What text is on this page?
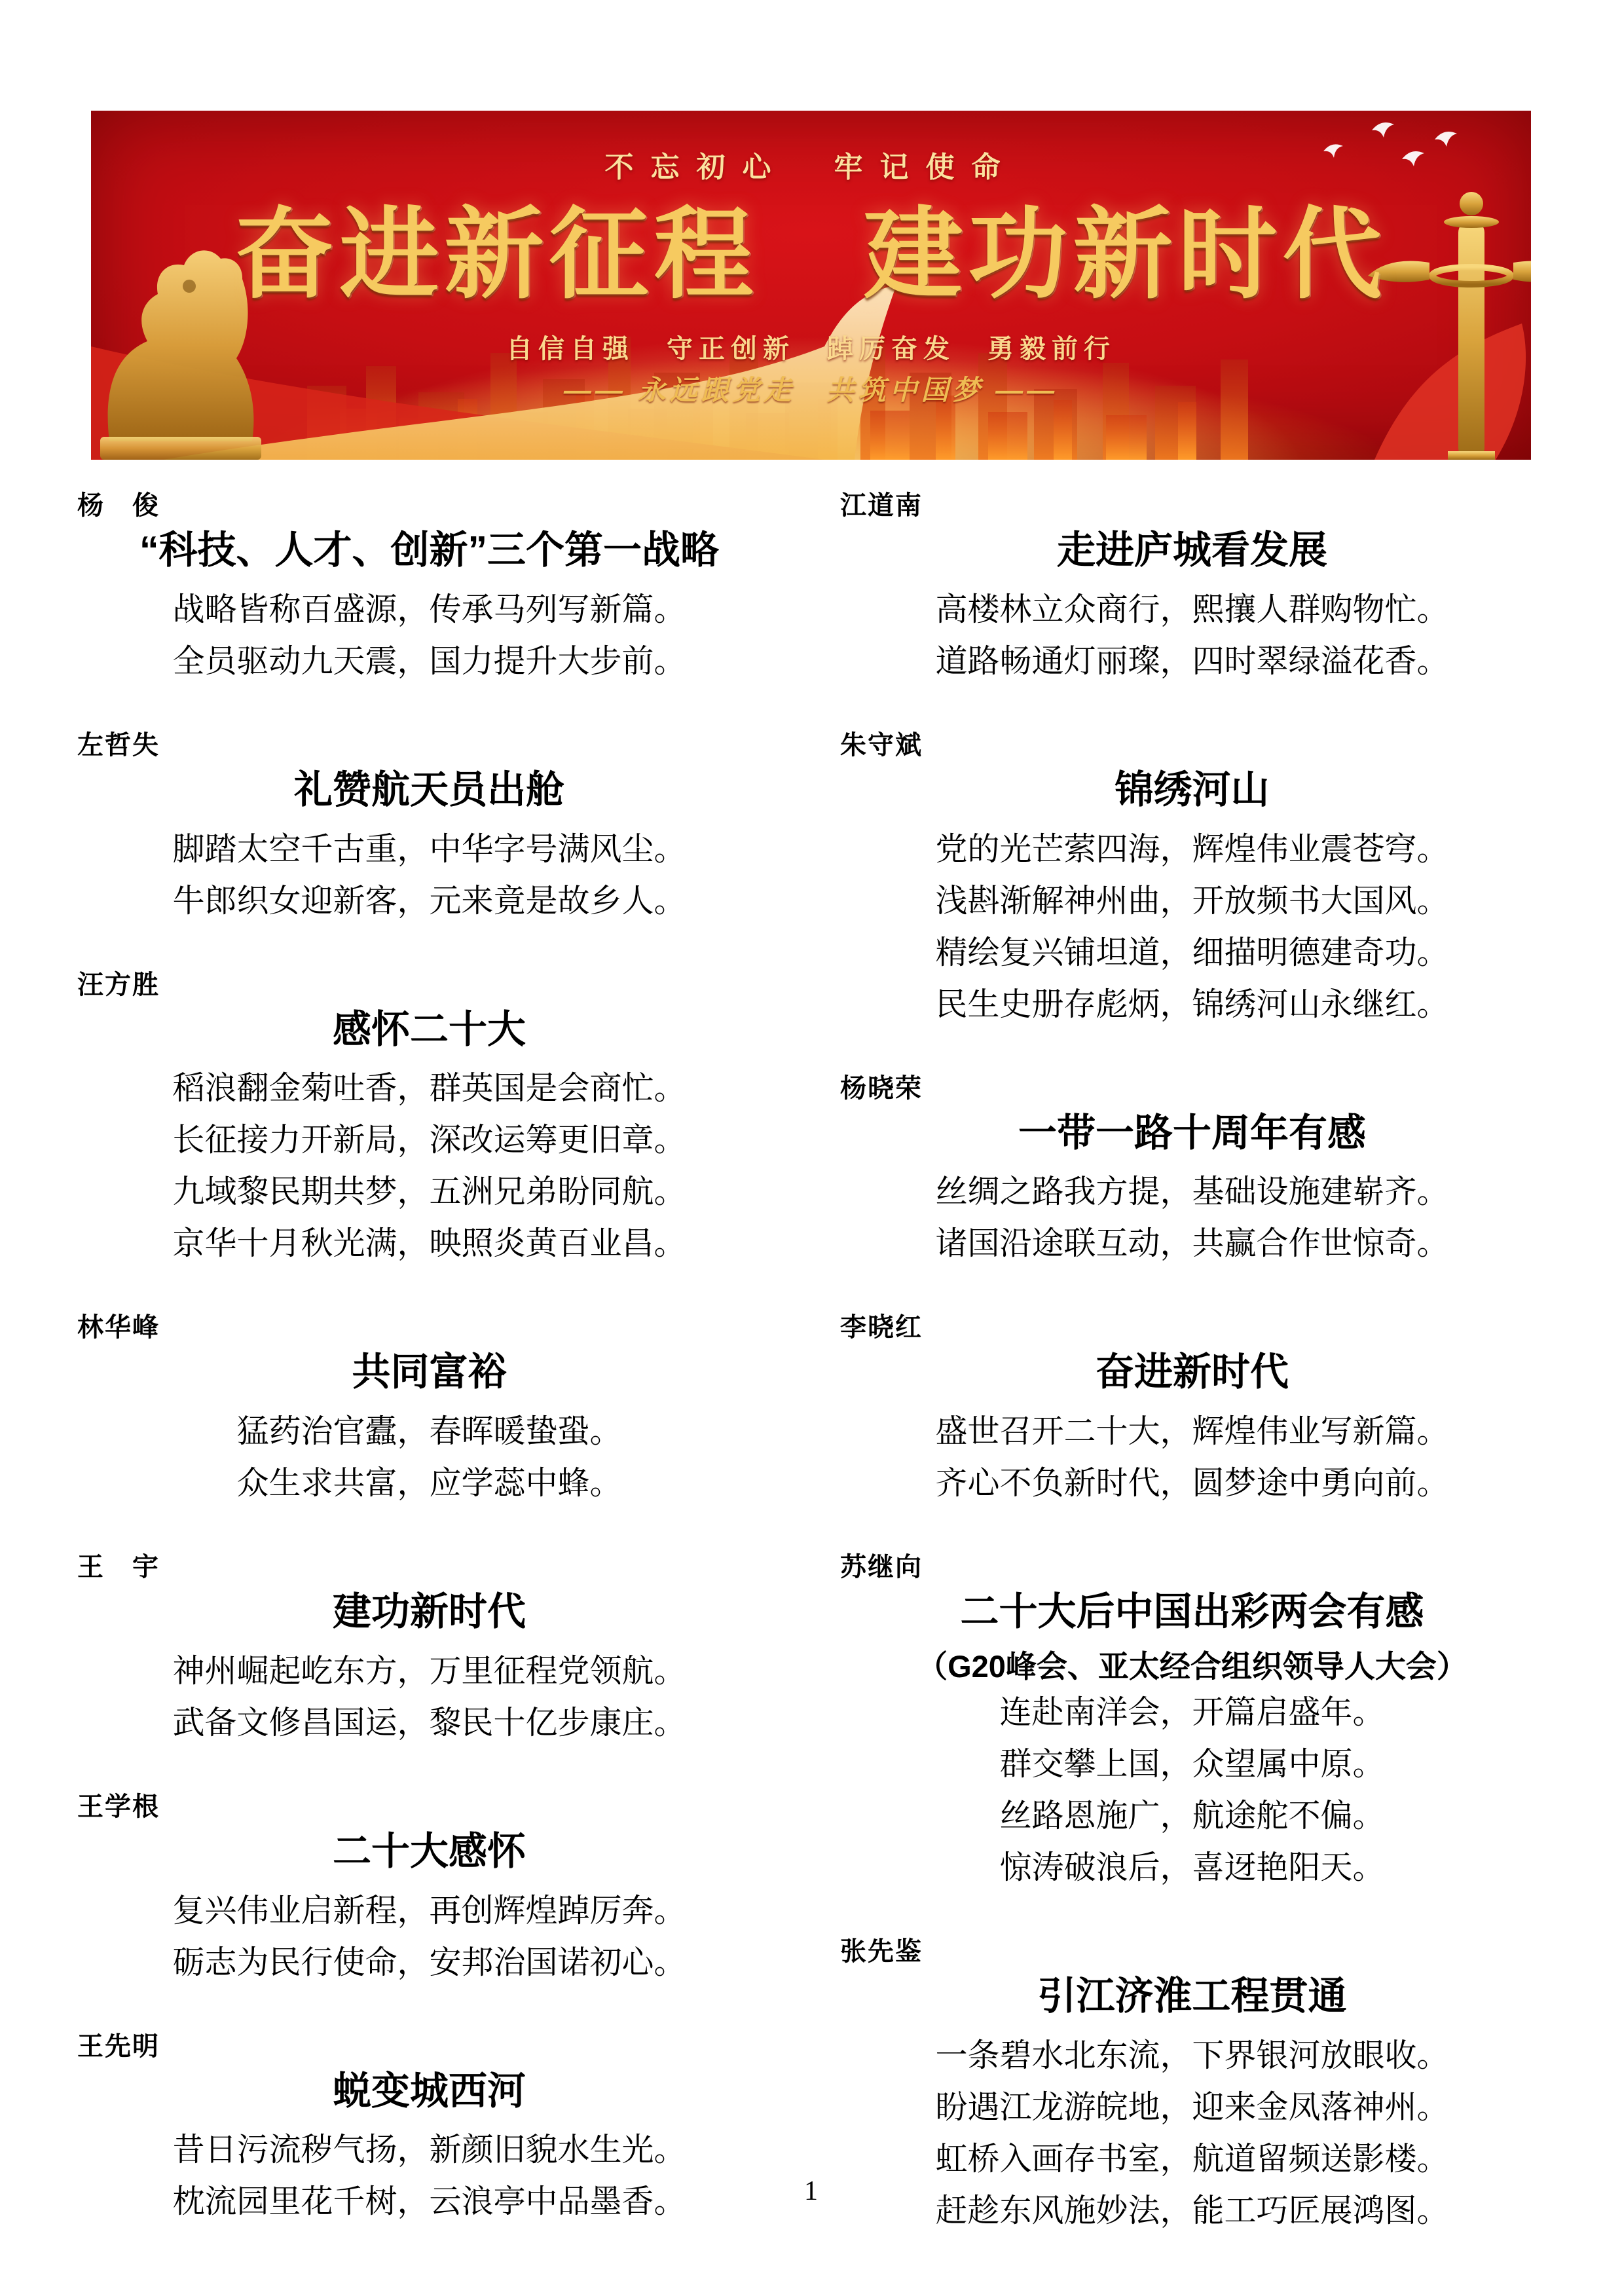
不忘初心　牢记使命
奋进新征程　建功新时代
自信自强　守正创新　踔厉奋发　勇毅前行
—— 永远跟党走　共筑中国梦 ——
杨　俊
“科技、人才、创新”三个第一战略
战略皆称百盛源，传承马列写新篇。
全员驱动九天震，国力提升大步前。
左哲失
礼赞航天员出舱
脚踏太空千古重，中华字号满风尘。
牛郎织女迎新客，元来竟是故乡人。
汪方胜
感怀二十大
稻浪翻金菊吐香，群英国是会商忙。
长征接力开新局，深改运筹更旧章。
九域黎民期共梦，五洲兄弟盼同航。
京华十月秋光满，映照炎黄百业昌。
林华峰
共同富裕
猛药治官蠹，春晖暖蛰蛩。
众生求共富，应学蕊中蜂。
王　宇
建功新时代
神州崛起屹东方，万里征程党领航。
武备文修昌国运，黎民十亿步康庄。
王学根
二十大感怀
复兴伟业启新程，再创辉煌踔厉奔。
砺志为民行使命，安邦治国诺初心。
王先明
蜕变城西河
昔日污流秽气扬，新颜旧貌水生光。
枕流园里花千树，云浪亭中品墨香。
江道南
走进庐城看发展
高楼林立众商行，熙攘人群购物忙。
道路畅通灯丽璨，四时翠绿溢花香。
朱守斌
锦绣河山
党的光芒萦四海，辉煌伟业震苍穹。
浅斟渐解神州曲，开放频书大国风。
精绘复兴铺坦道，细描明德建奇功。
民生史册存彪炳，锦绣河山永继红。
杨晓荣
一带一路十周年有感
丝绸之路我方提，基础设施建崭齐。
诸国沿途联互动，共赢合作世惊奇。
李晓红
奋进新时代
盛世召开二十大，辉煌伟业写新篇。
齐心不负新时代，圆梦途中勇向前。
苏继向
二十大后中国出彩两会有感
（G20峰会、亚太经合组织领导人大会）
连赴南洋会，开篇启盛年。
群交攀上国，众望属中原。
丝路恩施广，航途舵不偏。
惊涛破浪后，喜迓艳阳天。
张先鉴
引江济淮工程贯通
一条碧水北东流，下界银河放眼收。
盼遇江龙游皖地，迎来金凤落神州。
虹桥入画存书室，航道留频送影楼。
赶趁东风施妙法，能工巧匠展鸿图。
1
